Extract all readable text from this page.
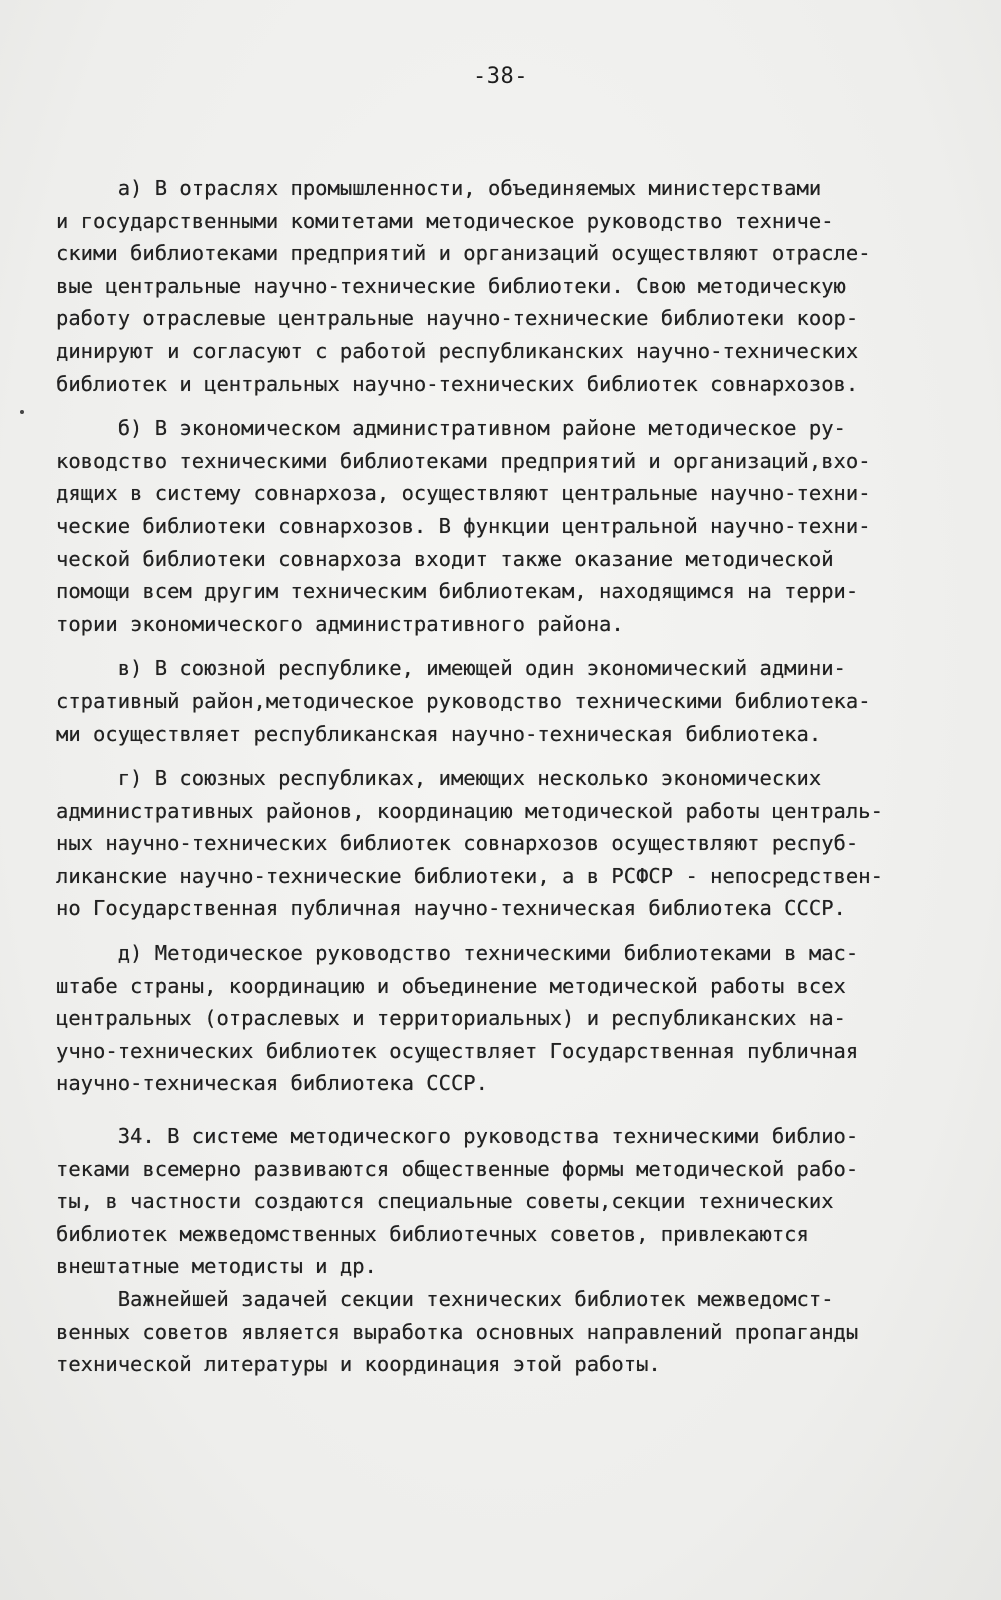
-38-

а) В отраслях промышленности, объединяемых министерствами

и государственными комитетами методическое руководство техниче-

скими библиотеками предприятий и организаций осуществляют отрасле-

вые центральные научно-технические библиотеки. Свою методическую

работу отраслевые центральные научно-технические библиотеки коор-

динируют и согласуют с работой республиканских научно-технических

библиотек и центральных научно-технических библиотек совнархозов.

б) В экономическом административном районе методическое ру-

ководство техническими библиотеками предприятий и организаций,вхо-

дящих в систему совнархоза, осуществляют центральные научно-техни-

ческие библиотеки совнархозов. В функции центральной научно-техни-

ческой библиотеки совнархоза входит также оказание методической

помощи всем другим техническим библиотекам, находящимся на терри-

тории экономического административного района.

в) В союзной республике, имеющей один экономический админи-

стративный район,методическое руководство техническими библиотека-

ми осуществляет республиканская научно-техническая библиотека.

г) В союзных республиках, имеющих несколько экономических

административных районов, координацию методической работы централь-

ных научно-технических библиотек совнархозов осуществляют респуб-

ликанские научно-технические библиотеки, а в РСФСР - непосредствен-

но Государственная публичная научно-техническая библиотека СССР.

д) Методическое руководство техническими библиотеками в мас-

штабе страны, координацию и объединение методической работы всех

центральных (отраслевых и территориальных) и республиканских на-

учно-технических библиотек осуществляет Государственная публичная

научно-техническая библиотека СССР.

34. В системе методического руководства техническими библио-

теками всемерно развиваются общественные формы методической рабо-

ты, в частности создаются специальные советы,секции технических

библиотек межведомственных библиотечных советов, привлекаются

внештатные методисты и др.

Важнейшей задачей секции технических библиотек межведомст-

венных советов является выработка основных направлений пропаганды

технической литературы и координация этой работы.
